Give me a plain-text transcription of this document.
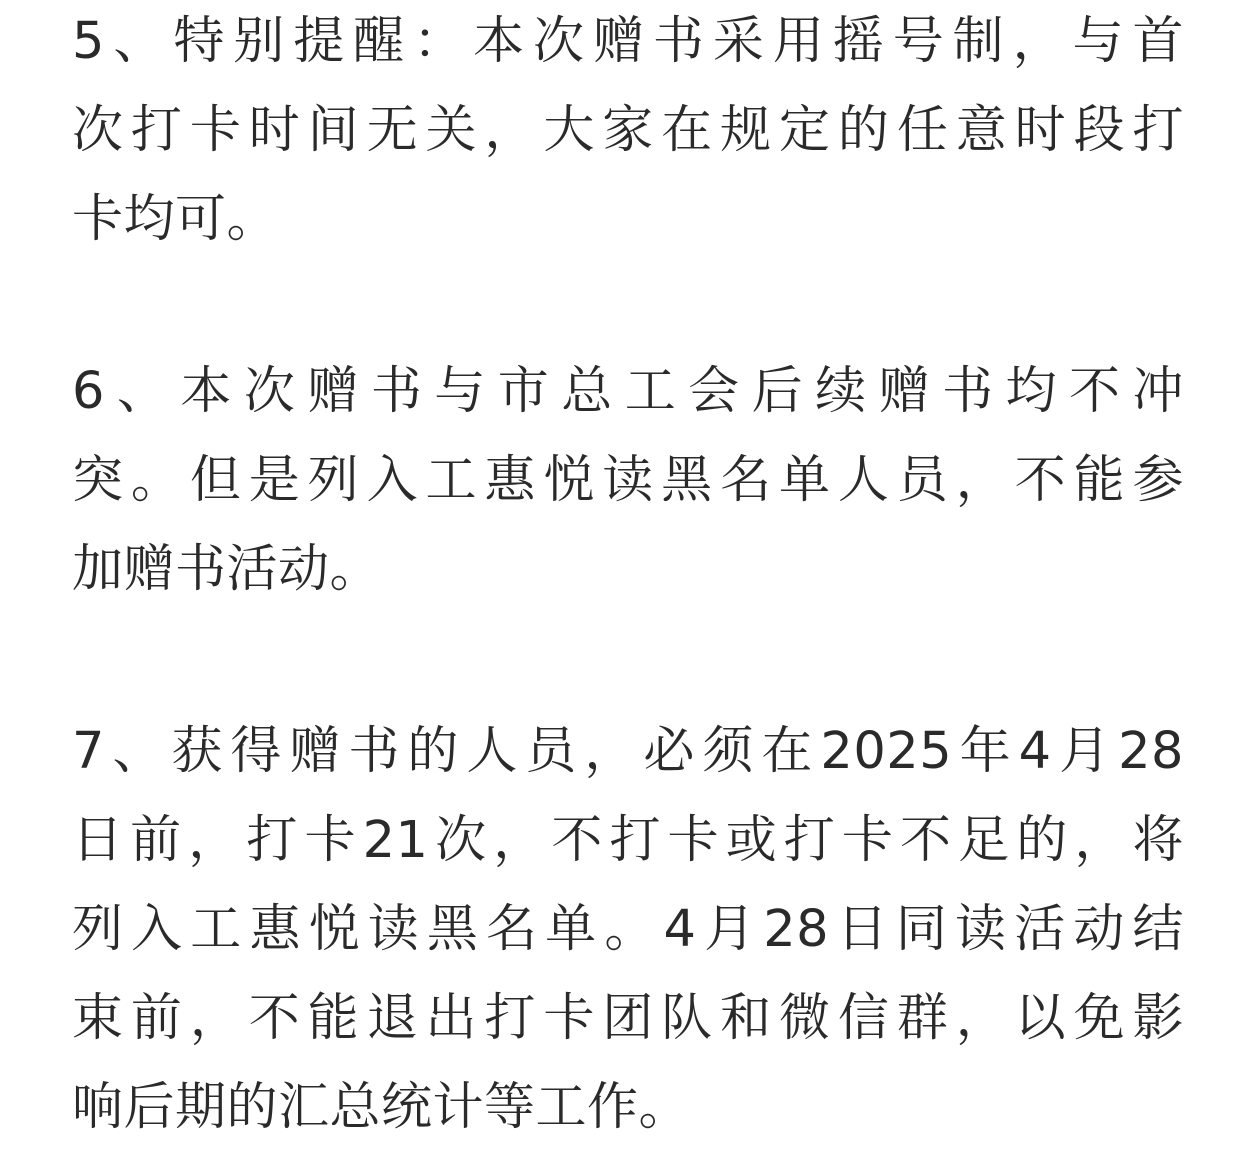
5、特别提醒：本次赠书采用摇号制，与首
次打卡时间无关，大家在规定的任意时段打
卡均可。

6、本次赠书与市总工会后续赠书均不冲
突。但是列入工惠悦读黑名单人员，不能参
加赠书活动。

7、获得赠书的人员，必须在2025年4月28
日前，打卡21次，不打卡或打卡不足的，将
列入工惠悦读黑名单。4月28日同读活动结
束前，不能退出打卡团队和微信群，以免影
响后期的汇总统计等工作。
